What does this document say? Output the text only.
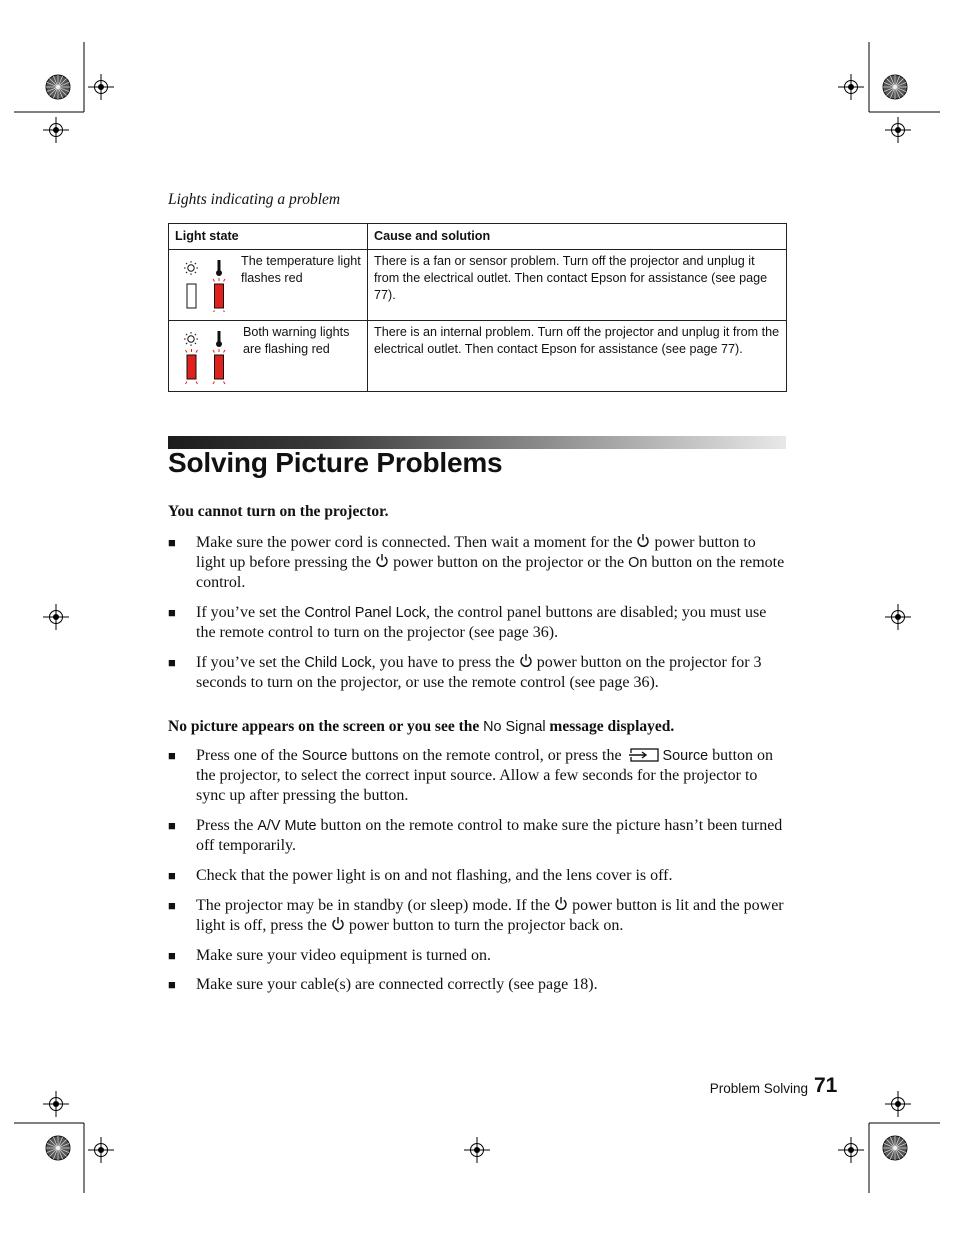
Lights indicating a problem
Light state	Cause and solution

The temperature light flashes red	There is a fan or sensor problem. Turn off the projector and unplug it from the electrical outlet. Then contact Epson for assistance (see page 77).

Both warning lights are flashing red	There is an internal problem. Turn off the projector and unplug it from the electrical outlet. Then contact Epson for assistance (see page 77).
Solving Picture Problems
You cannot turn on the projector.
■ Make sure the power cord is connected. Then wait a moment for the  power button to light up before pressing the  power button on the projector or the On button on the remote control.
■ If you’ve set the Control Panel Lock, the control panel buttons are disabled; you must use the remote control to turn on the projector (see page 36).
■ If you’ve set the Child Lock, you have to press the  power button on the projector for 3 seconds to turn on the projector, or use the remote control (see page 36).
No picture appears on the screen or you see the No Signal message displayed.
■ Press one of the Source buttons on the remote control, or press the	Source button on the projector, to select the correct input source. Allow a few seconds for the projector to sync up after pressing the button.
■ Press the A/V Mute button on the remote control to make sure the picture hasn’t been turned off temporarily.
■ Check that the power light is on and not flashing, and the lens cover is off.
■ The projector may be in standby (or sleep) mode. If the  power button is lit and the power light is off, press the  power button to turn the projector back on.
■ Make sure your video equipment is turned on.
■ Make sure your cable(s) are connected correctly (see page 18).
Problem Solving 71
